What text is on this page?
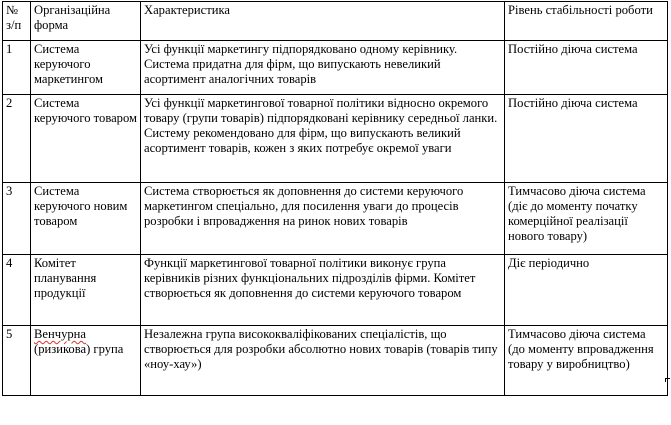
№ з/п	Організаційна форма	Характеристика	Рівень стабільності роботи
1	Система керуючого маркетингом	Усі функції маркетингу підпорядковано одному керівнику. Система придатна для фірм, що випускають невеликий асортимент аналогічних товарів	Постійно діюча система
2	Система керуючого товаром	Усі функції маркетингової товарної політики відносно окремого товару (групи товарів) підпорядковані керівнику середньої ланки. Систему рекомендовано для фірм, що випускають великий асортимент товарів, кожен з яких потребує окремої уваги	Постійно діюча система
3	Система керуючого новим товаром	Система створюється як доповнення до системи керуючого маркетингом спеціально, для посилення уваги до процесів розробки і впровадження на ринок нових товарів	Тимчасово діюча система (діє до моменту початку комерційної реалізації нового товару)
4	Комітет планування продукції	Функції маркетингової товарної політики виконує група керівників різних функціональних підрозділів фірми. Комітет створюється як доповнення до системи керуючого товаром	Діє періодично
5	Венчурна (ризикова) група	Незалежна група висококваліфікованих спеціалістів, що створюється для розробки абсолютно нових товарів (товарів типу «ноу-хау»)	Тимчасово діюча система (до моменту впровадження товару у виробництво)
